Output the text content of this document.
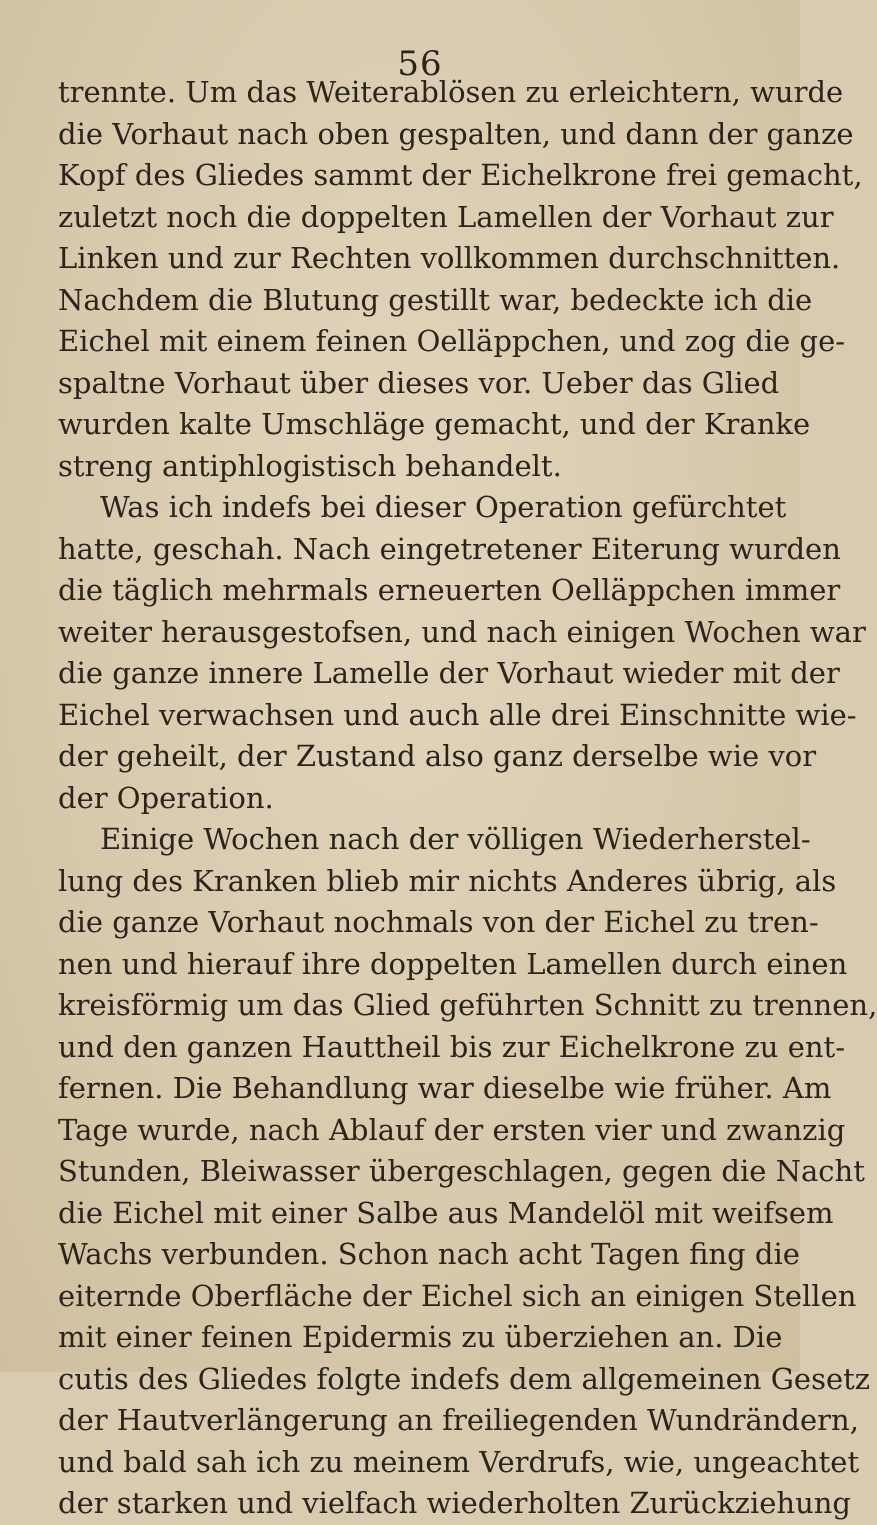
56
trennte. Um das Weiterablösen zu erleichtern, wurde
die Vorhaut nach oben gespalten, und dann der ganze
Kopf des Gliedes sammt der Eichelkrone frei gemacht,
zuletzt noch die doppelten Lamellen der Vorhaut zur
Linken und zur Rechten vollkommen durchschnitten.
Nachdem die Blutung gestillt war, bedeckte ich die
Eichel mit einem feinen Oelläppchen, und zog die ge-
spaltne Vorhaut über dieses vor. Ueber das Glied
wurden kalte Umschläge gemacht, und der Kranke
streng antiphlogistisch behandelt.
Was ich indefs bei dieser Operation gefürchtet
hatte, geschah. Nach eingetretener Eiterung wurden
die täglich mehrmals erneuerten Oelläppchen immer
weiter herausgestofsen, und nach einigen Wochen war
die ganze innere Lamelle der Vorhaut wieder mit der
Eichel verwachsen und auch alle drei Einschnitte wie-
der geheilt, der Zustand also ganz derselbe wie vor
der Operation.
Einige Wochen nach der völligen Wiederherstel-
lung des Kranken blieb mir nichts Anderes übrig, als
die ganze Vorhaut nochmals von der Eichel zu tren-
nen und hierauf ihre doppelten Lamellen durch einen
kreisförmig um das Glied geführten Schnitt zu trennen,
und den ganzen Hauttheil bis zur Eichelkrone zu ent-
fernen. Die Behandlung war dieselbe wie früher. Am
Tage wurde, nach Ablauf der ersten vier und zwanzig
Stunden, Bleiwasser übergeschlagen, gegen die Nacht
die Eichel mit einer Salbe aus Mandelöl mit weifsem
Wachs verbunden. Schon nach acht Tagen fing die
eiternde Oberfläche der Eichel sich an einigen Stellen
mit einer feinen Epidermis zu überziehen an. Die
cutis des Gliedes folgte indefs dem allgemeinen Gesetz
der Hautverlängerung an freiliegenden Wundrändern,
und bald sah ich zu meinem Verdrufs, wie, ungeachtet
der starken und vielfach wiederholten Zurückziehung
